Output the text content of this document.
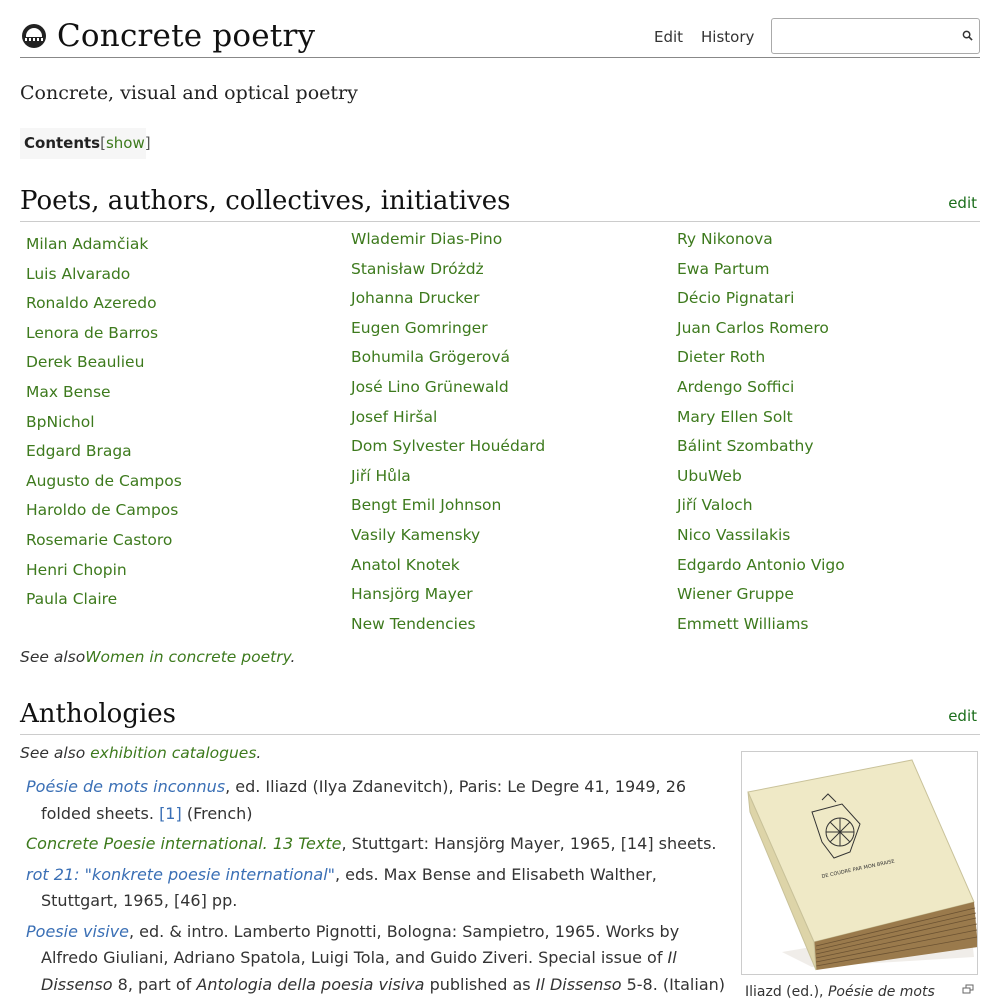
Concrete poetry	Edit History
Concrete, visual and optical poetry
Contents[show]
Poets, authors, collectives, initiatives	edit
Milan Adamčiak
Luis Alvarado
Ronaldo Azeredo
Lenora de Barros
Derek Beaulieu
Max Bense
BpNichol
Edgard Braga
Augusto de Campos
Haroldo de Campos
Rosemarie Castoro
Henri Chopin
Paula Claire
Wlademir Dias-Pino
Stanisław Dróżdż
Johanna Drucker
Eugen Gomringer
Bohumila Grögerová
José Lino Grünewald
Josef Hiršal
Dom Sylvester Houédard
Jiří Hůla
Bengt Emil Johnson
Vasily Kamensky
Anatol Knotek
Hansjörg Mayer
New Tendencies
Ry Nikonova
Ewa Partum
Décio Pignatari
Juan Carlos Romero
Dieter Roth
Ardengo Soffici
Mary Ellen Solt
Bálint Szombathy
UbuWeb
Jiří Valoch
Nico Vassilakis
Edgardo Antonio Vigo
Wiener Gruppe
Emmett Williams
See alsoWomen in concrete poetry.
Anthologies	edit
See also exhibition catalogues.
Poésie de mots inconnus, ed. Iliazd (Ilya Zdanevitch), Paris: Le Degre 41, 1949, 26 folded sheets. [1] (French)
Concrete Poesie international. 13 Texte, Stuttgart: Hansjörg Mayer, 1965, [14] sheets.
rot 21: "konkrete poesie international", eds. Max Bense and Elisabeth Walther, Stuttgart, 1965, [46] pp.
Poesie visive, ed. & intro. Lamberto Pignotti, Bologna: Sampietro, 1965. Works by Alfredo Giuliani, Adriano Spatola, Luigi Tola, and Guido Ziveri. Special issue of Il Dissenso 8, part of Antologia della poesia visiva published as Il Dissenso 5-8. (Italian)
DE COUDRE PAR MON BRAISE
Iliazd (ed.), Poésie de mots
